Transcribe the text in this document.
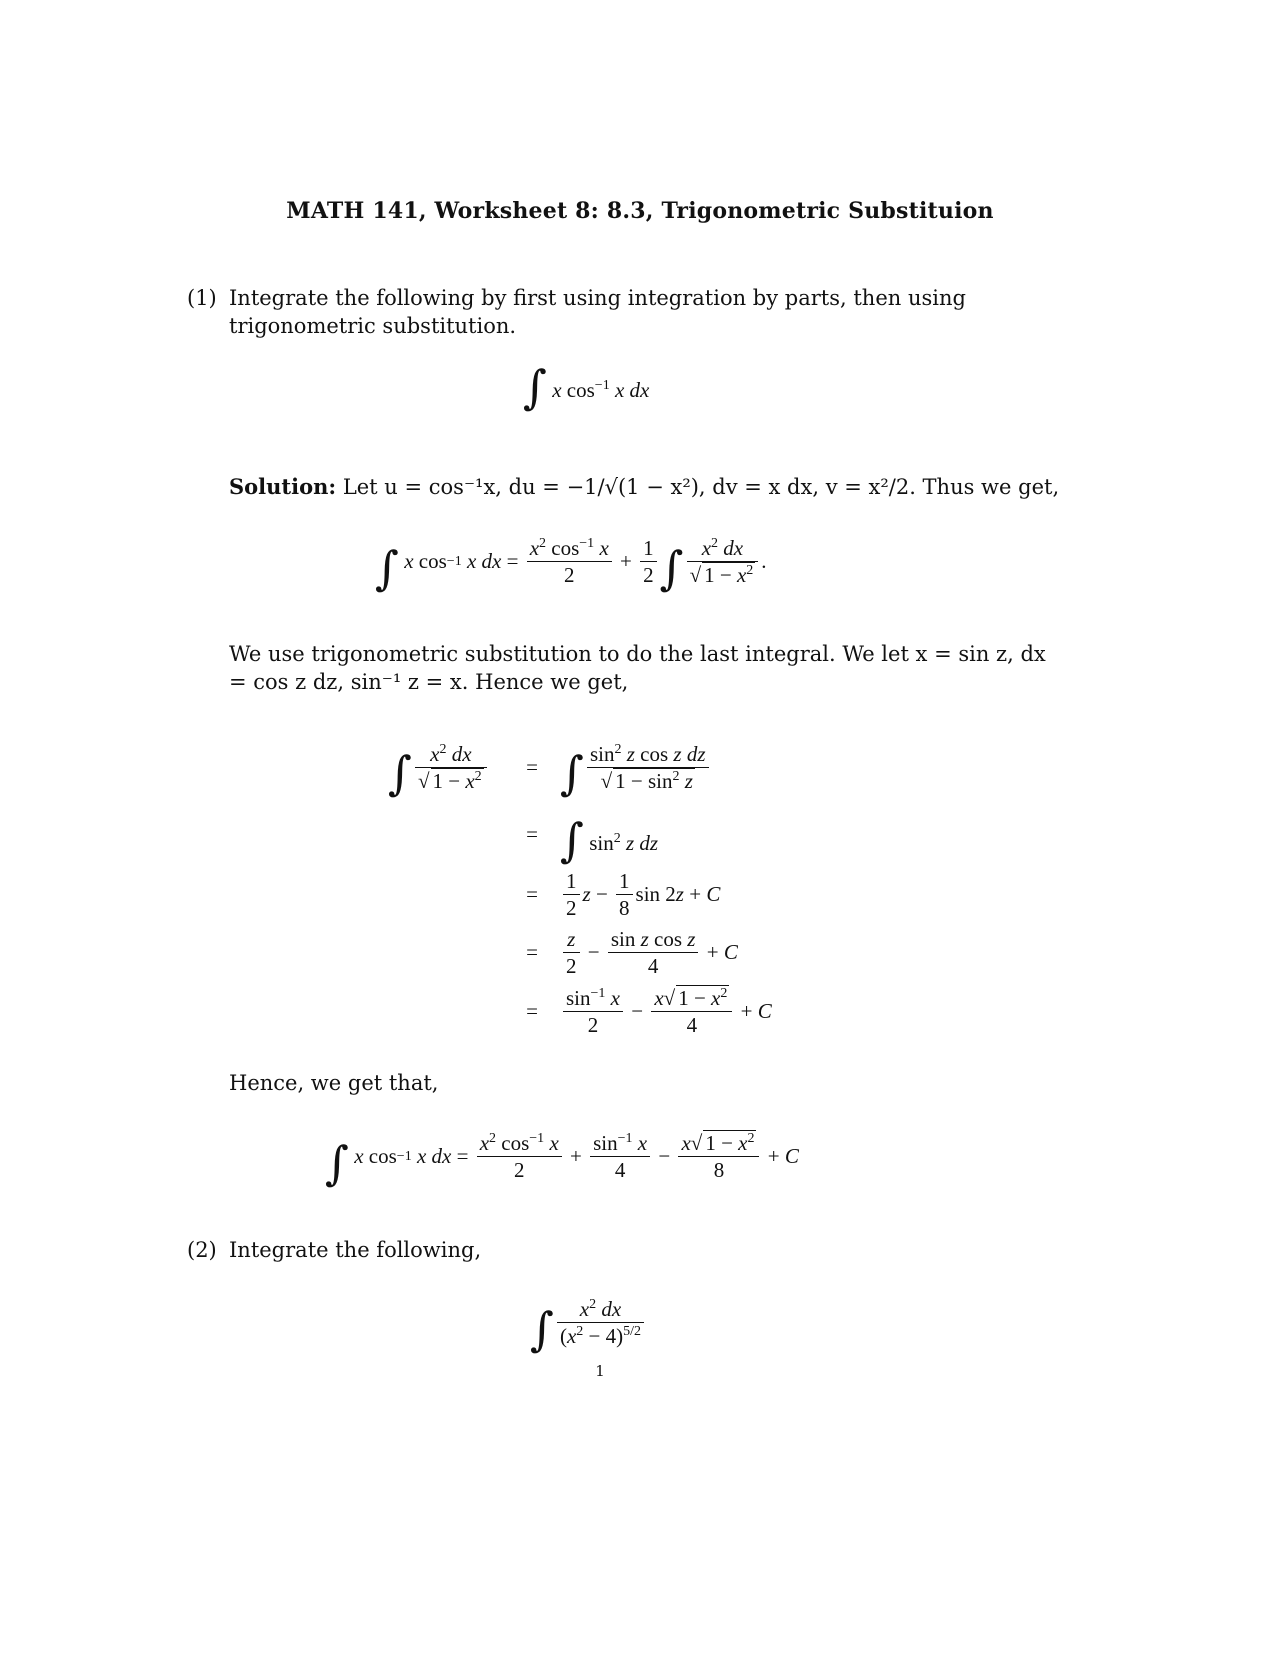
MATH 141, Worksheet 8: 8.3, Trigonometric Substituion
(1) Integrate the following by first using integration by parts, then using trigonometric substitution.
∫ x $\cos^{-1} x$ dx
Solution: Let u = cos⁻¹x, du = −1/√(1 − x²), dv = x dx, v = x²/2. Thus we get,
∫
x cos −1
x dx = $\frac{x^2 \cos^{-1} x}{2} + \frac{1}{2}$ ∫ $\frac{x^2 dx}{√ 1 - x^2}$ .
We use trigonometric substitution to do the last integral. We let x = sin z, dx = cos z dz, sin⁻¹ z = x. Hence we get,
∫ $\frac{x^2 dx}{√ 1 - x^2}$	= ∫ $\frac{\sin^2 z \cos z dz}{√ 1 - \sin^2 z}$
= ∫ $\sin^2 z$ dz
=	$\frac{1}{2}$ $z - \frac{1}{8}$ sin 2 z + C
=	$\frac{z}{2} - \frac{\text{sin z cos z}}{4} + C$
=	$\frac{\sin^{-1} x}{2} - \frac{x√ 1 - x^2}{4} + C$
Hence, we get that,
∫
x cos −1
x dx = $\frac{x^2 \cos^{-1} x}{2} + \frac{\sin^{-1} x}{4} - \frac{x√ 1 - x^2}{8} + C$
(2) Integrate the following,
∫ $\frac{x^2 dx}{(x^2 - 4)^{5/2}}$
1
